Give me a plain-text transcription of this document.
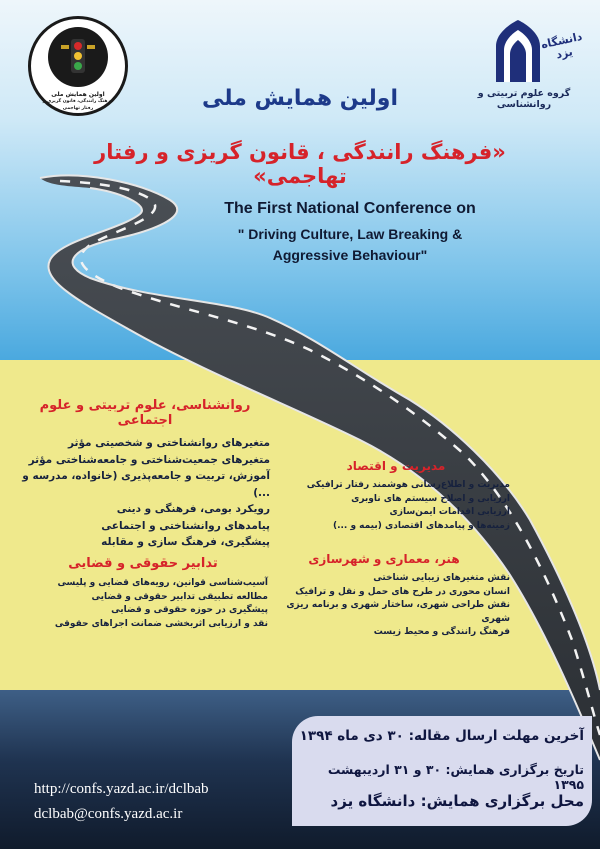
اولین همایش ملی
فرهنگ رانندگی، قانون گریزی و رفتار تهاجمی
دانشگاه یزد
گروه علوم تربیتی و روانشناسی
اولین همایش ملی
«فرهنگ رانندگی ، قانون گریزی و رفتار تهاجمی»
The First National Conference on
" Driving Culture, Law Breaking &
Aggressive Behaviour"
روانشناسی، علوم تربیتی و علوم اجتماعی
متغیرهای روانشناختی و شخصیتی مؤثر
متغیرهای جمعیت‌شناختی و جامعه‌شناختی مؤثر
آموزش، تربیت و جامعه‌پذیری (خانواده، مدرسه و ...)
رویکرد بومی، فرهنگی و دینی
پیامدهای روانشناختی و اجتماعی
پیشگیری، فرهنگ سازی و مقابله
تدابیر حقوقی و قضایی
آسیب‌شناسی قوانین، رویه‌های قضایی و پلیسی
مطالعه تطبیقی تدابیر حقوقی و قضایی
پیشگیری در حوزه حقوقی و قضایی
نقد و ارزیابی اثربخشی ضمانت اجراهای حقوقی
مدیریت و اقتصاد
مدیریت و اطلاع‌رسانی هوشمند رفتار ترافیکی
ارزیابی و اصلاح سیستم های ناوبری
ارزیابی اقدامات ایمن‌سازی
زمینه‌ها و پیامدهای اقتصادی (بیمه و ...)
هنر، معماری و شهرسازی
نقش متغیرهای زیبایی شناختی
انسان محوری در طرح های حمل و نقل و ترافیک
نقش طراحی شهری، ساختار شهری و برنامه ریزی شهری
فرهنگ رانندگی و محیط زیست
آخرین مهلت ارسال مقاله: ۳۰ دی ماه ۱۳۹۴
تاریخ برگزاری همایش: ۳۰ و ۳۱ اردیبهشت ۱۳۹۵
محل برگزاری همایش: دانشگاه یزد
http://confs.yazd.ac.ir/dclbab
dclbab@confs.yazd.ac.ir
